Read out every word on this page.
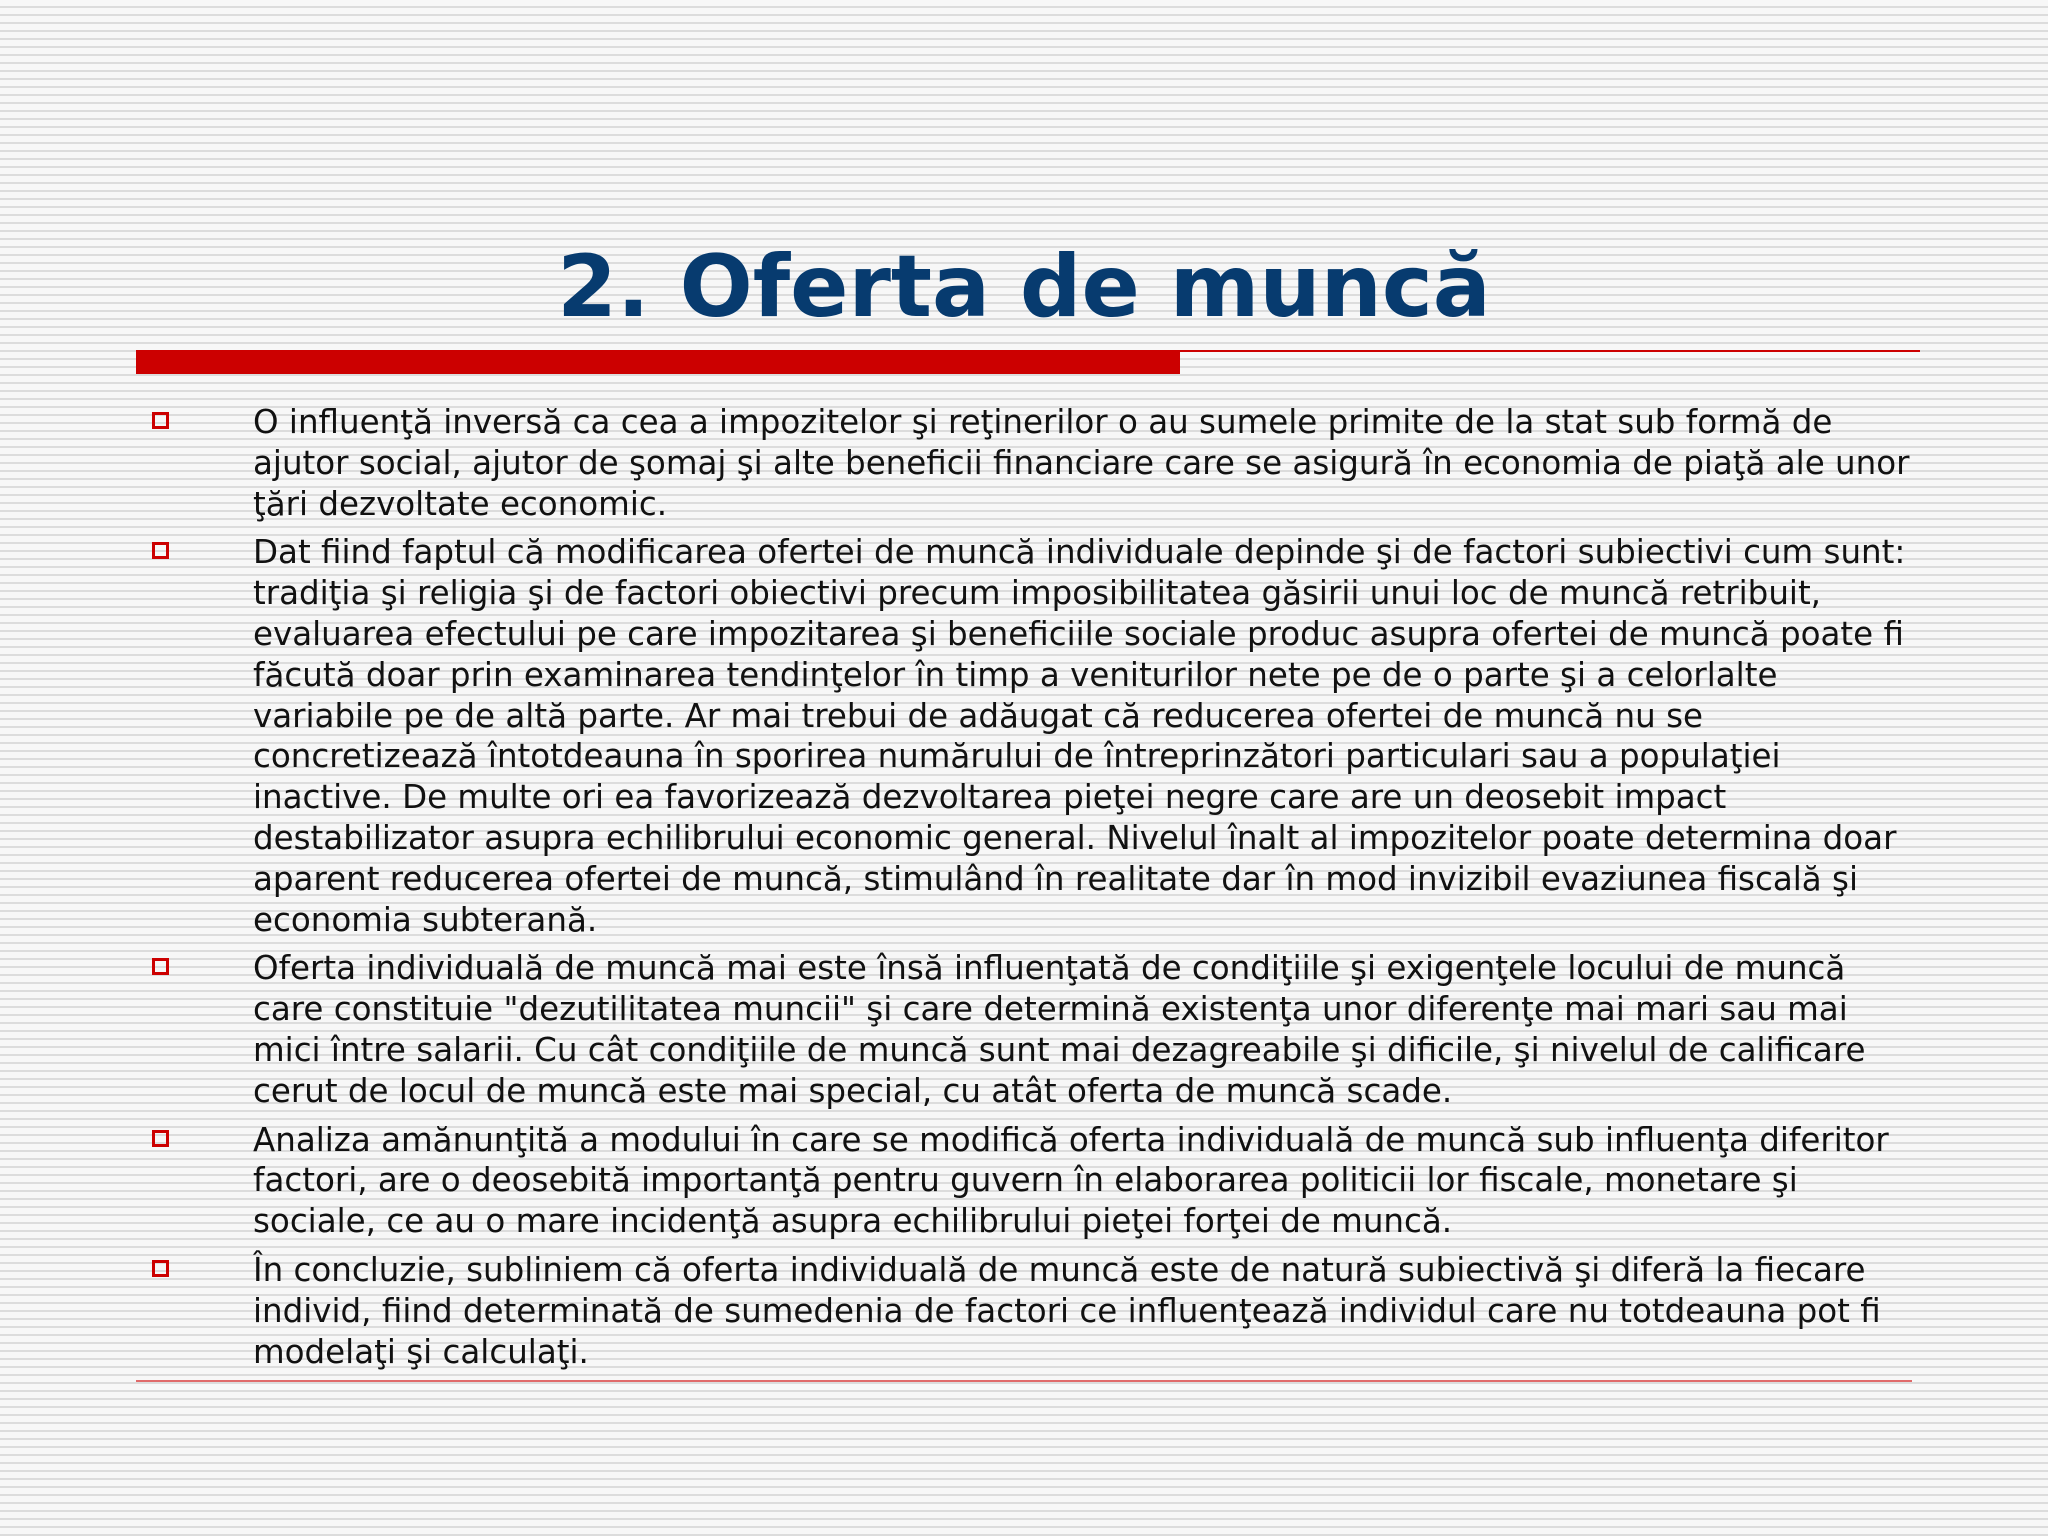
2. Oferta de muncă
O influenţă inversă ca cea a impozitelor şi reţinerilor o au sumele primite de la stat sub formă de ajutor social, ajutor de şomaj şi alte beneficii financiare care se asigură în economia de piaţă ale unor ţări dezvoltate economic.
Dat fiind faptul că modificarea ofertei de muncă individuale depinde şi de factori subiectivi cum sunt: tradiţia şi religia şi de factori obiectivi precum imposibilitatea găsirii unui loc de muncă retribuit, evaluarea efectului pe care impozitarea şi beneficiile sociale produc asupra ofertei de muncă poate fi făcută doar prin examinarea tendinţelor în timp a veniturilor nete pe de o parte şi a celorlalte variabile pe de altă parte. Ar mai trebui de adăugat că reducerea ofertei de muncă nu se concretizează întotdeauna în sporirea numărului de întreprinzători particulari sau a populaţiei inactive. De multe ori ea favorizează dezvoltarea pieţei negre care are un deosebit impact destabilizator asupra echilibrului economic general. Nivelul înalt al impozitelor poate determina doar aparent reducerea ofertei de muncă, stimulând în realitate dar în mod invizibil evaziunea fiscală şi economia subterană.
Oferta individuală de muncă mai este însă influenţată de condiţiile şi exigenţele locului de muncă care constituie "dezutilitatea muncii" şi care determină existenţa unor diferenţe mai mari sau mai mici între salarii. Cu cât condiţiile de muncă sunt mai dezagreabile şi dificile, şi nivelul de calificare cerut de locul de muncă este mai special, cu atât oferta de muncă scade.
Analiza amănunţită a modului în care se modifică oferta individuală de muncă sub influenţa diferitor factori, are o deosebită importanţă pentru guvern în elaborarea politicii lor fiscale, monetare şi sociale, ce au o mare incidenţă asupra echilibrului pieţei forţei de muncă.
În concluzie, subliniem că oferta individuală de muncă este de natură subiectivă şi diferă la fiecare individ, fiind determinată de sumedenia de factori ce influenţează individul care nu totdeauna pot fi modelaţi şi calculaţi.
